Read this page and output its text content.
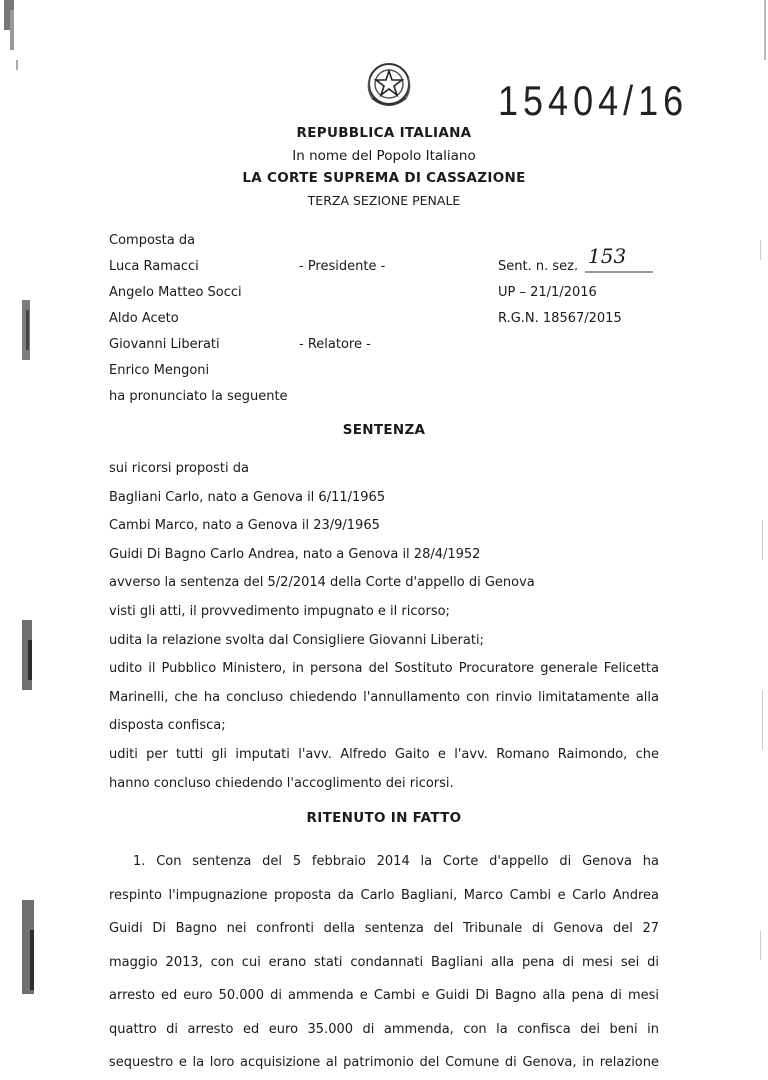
15404/16
REPUBBLICA ITALIANA
In nome del Popolo Italiano
LA CORTE SUPREMA DI CASSAZIONE
TERZA SEZIONE PENALE
Composta da
Luca Ramacci	- Presidente -
Angelo Matteo Socci
Aldo Aceto
Giovanni Liberati	- Relatore -
Enrico Mengoni
ha pronunciato la seguente
Sent. n. sez. 153
UP – 21/1/2016
R.G.N. 18567/2015
SENTENZA
sui ricorsi proposti da
Bagliani Carlo, nato a Genova il 6/11/1965
Cambi Marco, nato a Genova il 23/9/1965
Guidi Di Bagno Carlo Andrea, nato a Genova il 28/4/1952
avverso la sentenza del 5/2/2014 della Corte d'appello di Genova
visti gli atti, il provvedimento impugnato e il ricorso;
udita la relazione svolta dal Consigliere Giovanni Liberati;
udito il Pubblico Ministero, in persona del Sostituto Procuratore generale Felicetta
Marinelli, che ha concluso chiedendo l'annullamento con rinvio limitatamente alla
disposta confisca;
uditi per tutti gli imputati l'avv. Alfredo Gaito e l'avv. Romano Raimondo, che
hanno concluso chiedendo l'accoglimento dei ricorsi.
RITENUTO IN FATTO
1. Con sentenza del 5 febbraio 2014 la Corte d'appello di Genova ha
respinto l'impugnazione proposta da Carlo Bagliani, Marco Cambi e Carlo Andrea
Guidi Di Bagno nei confronti della sentenza del Tribunale di Genova del 27
maggio 2013, con cui erano stati condannati Bagliani alla pena di mesi sei di
arresto ed euro 50.000 di ammenda e Cambi e Guidi Di Bagno alla pena di mesi
quattro di arresto ed euro 35.000 di ammenda, con la confisca dei beni in
sequestro e la loro acquisizione al patrimonio del Comune di Genova, in relazione
